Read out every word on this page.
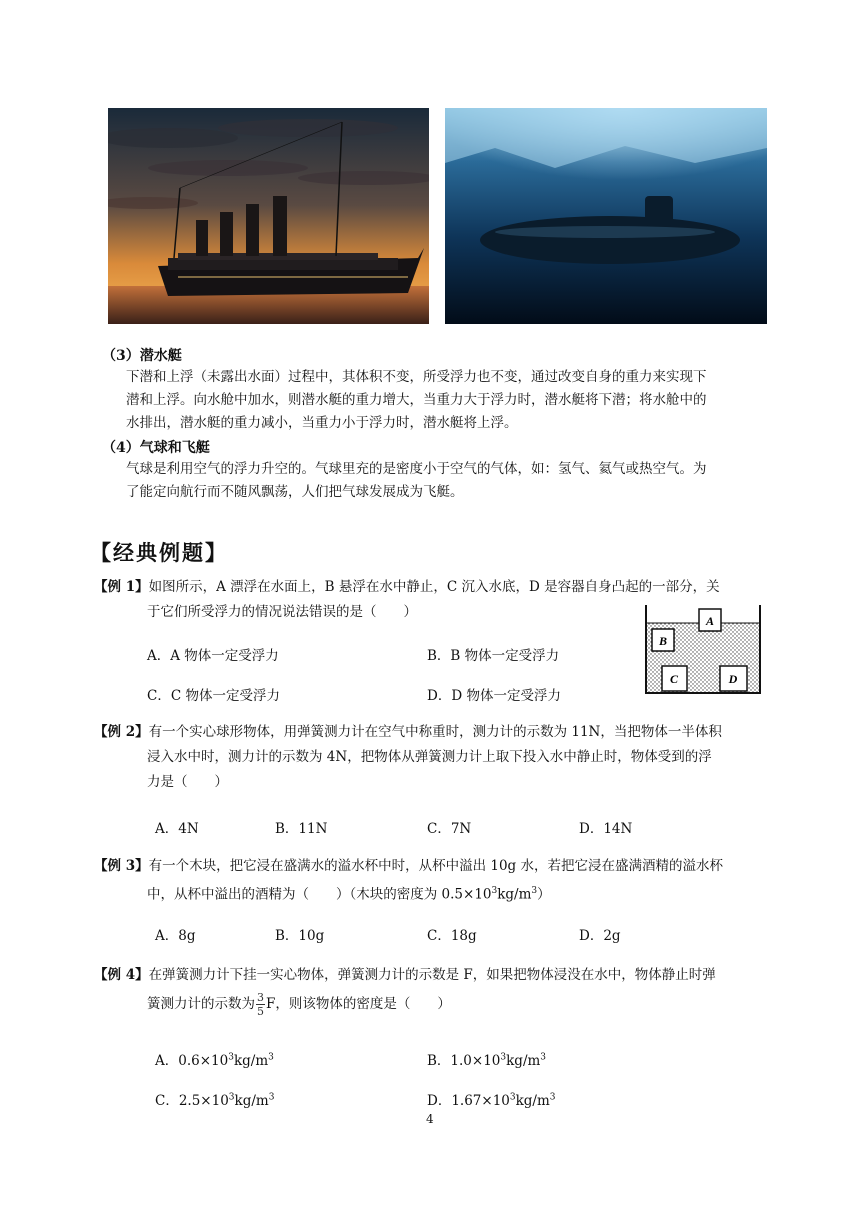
（3）潜水艇
下潜和上浮（未露出水面）过程中，其体积不变，所受浮力也不变，通过改变自身的重力来实现下
潜和上浮。向水舱中加水，则潜水艇的重力增大，当重力大于浮力时，潜水艇将下潜；将水舱中的
水排出，潜水艇的重力减小，当重力小于浮力时，潜水艇将上浮。
（4）气球和飞艇
气球是利用空气的浮力升空的。气球里充的是密度小于空气的气体，如：氢气、氦气或热空气。为
了能定向航行而不随风飘荡，人们把气球发展成为飞艇。
【经典例题】
【例 1】如图所示，A 漂浮在水面上，B 悬浮在水中静止，C 沉入水底，D 是容器自身凸起的一部分，关
于它们所受浮力的情况说法错误的是（　　）
A．A 物体一定受浮力	B．B 物体一定受浮力
C．C 物体一定受浮力	D．D 物体一定受浮力
A
B
C	D
【例 2】有一个实心球形物体，用弹簧测力计在空气中称重时，测力计的示数为 11N，当把物体一半体积
浸入水中时，测力计的示数为 4N，把物体从弹簧测力计上取下投入水中静止时，物体受到的浮
力是（　　）
A．4N	B．11N	C．7N	D．14N
【例 3】有一个木块，把它浸在盛满水的溢水杯中时，从杯中溢出 10g 水，若把它浸在盛满酒精的溢水杯
中，从杯中溢出的酒精为（　　）（木块的密度为 $0.5\times 10^3kg/m^3$）
A．8g	B．10g	C．18g	D．2g
【例 4】在弹簧测力计下挂一实心物体，弹簧测力计的示数是 F，如果把物体浸没在水中，物体静止时弹
簧测力计的示数为 $\frac{3}{5}$ F，则该物体的密度是（　　）
A．$0.6\times 10^3kg/m^3$	B．$1.0\times 10^3kg/m^3$
C．$2.5\times 10^3kg/m^3$	D．$1.67\times 10^3kg/m^3$
4
